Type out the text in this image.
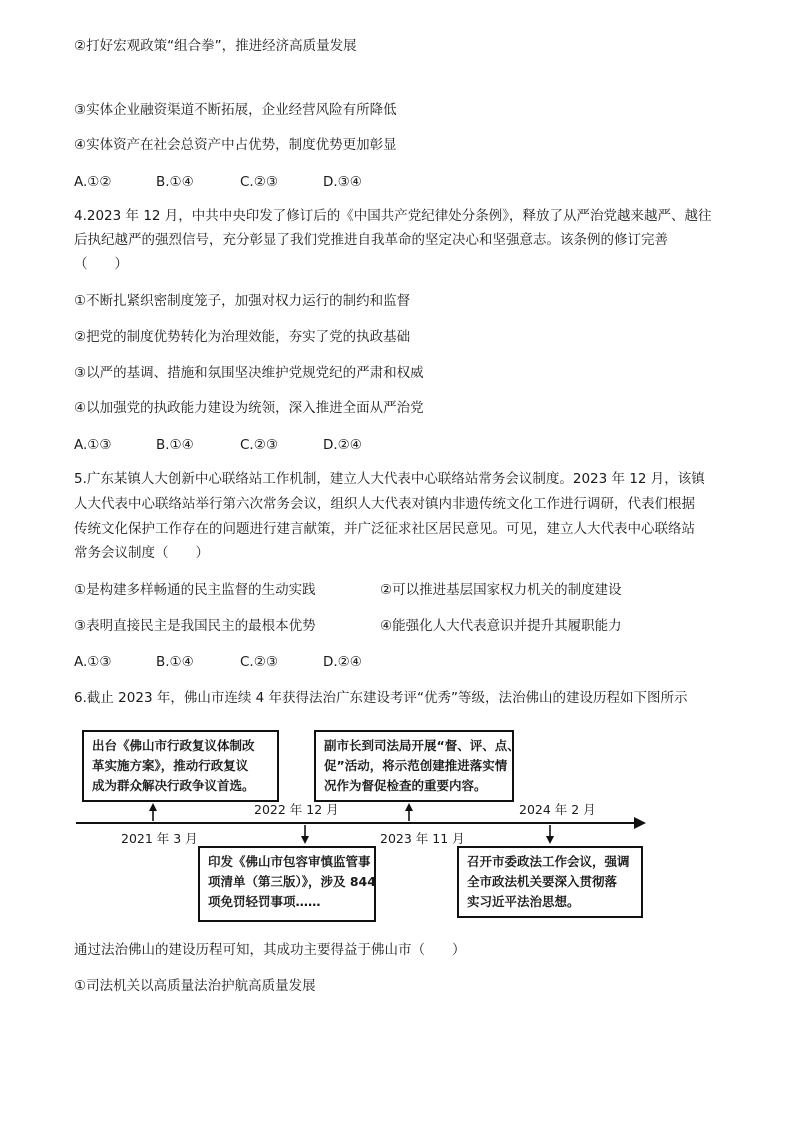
②打好宏观政策“组合拳”，推进经济高质量发展
③实体企业融资渠道不断拓展，企业经营风险有所降低
④实体资产在社会总资产中占优势，制度优势更加彰显
A.①②	B.①④	C.②③	D.③④
4.2023 年 12 月，中共中央印发了修订后的《中国共产党纪律处分条例》，释放了从严治党越来越严、越往
后执纪越严的强烈信号，充分彰显了我们党推进自我革命的坚定决心和坚强意志。该条例的修订完善
（　　）
①不断扎紧织密制度笼子，加强对权力运行的制约和监督
②把党的制度优势转化为治理效能，夯实了党的执政基础
③以严的基调、措施和氛围坚决维护党规党纪的严肃和权威
④以加强党的执政能力建设为统领，深入推进全面从严治党
A.①③	B.①④	C.②③	D.②④
5.广东某镇人大创新中心联络站工作机制，建立人大代表中心联络站常务会议制度。2023 年 12 月，该镇
人大代表中心联络站举行第六次常务会议，组织人大代表对镇内非遗传统文化工作进行调研，代表们根据
传统文化保护工作存在的问题进行建言献策，并广泛征求社区居民意见。可见，建立人大代表中心联络站
常务会议制度（　　）
①是构建多样畅通的民主监督的生动实践	②可以推进基层国家权力机关的制度建设
③表明直接民主是我国民主的最根本优势	④能强化人大代表意识并提升其履职能力
A.①③	B.①④	C.②③	D.②④
6.截止 2023 年，佛山市连续 4 年获得法治广东建设考评“优秀”等级，法治佛山的建设历程如下图所示
出台《佛山市行政复议体制改
革实施方案》，推动行政复议
成为群众解决行政争议首选。
印发《佛山市包容审慎监管事
项清单（第三版）》，涉及 844
项免罚轻罚事项……
副市长到司法局开展“督、评、点、
促”活动，将示范创建推进落实情
况作为督促检查的重要内容。
召开市委政法工作会议，强调
全市政法机关要深入贯彻落
实习近平法治思想。
2021 年 3 月
2022 年 12 月
2023 年 11 月
2024 年 2 月
通过法治佛山的建设历程可知，其成功主要得益于佛山市（　　）
①司法机关以高质量法治护航高质量发展
